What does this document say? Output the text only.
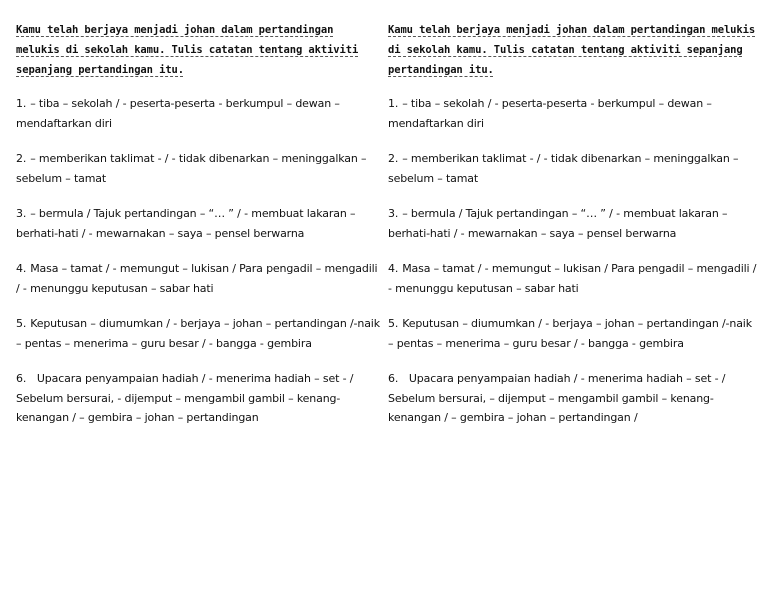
Kamu telah berjaya menjadi johan dalam pertandingan melukis di sekolah kamu. Tulis catatan tentang aktiviti sepanjang pertandingan itu.

1. – tiba – sekolah / - peserta-peserta - berkumpul – dewan – mendaftarkan diri
2. – memberikan taklimat - / - tidak dibenarkan – meninggalkan – sebelum – tamat
3. – bermula / Tajuk pertandingan – “… ” / - membuat lakaran – berhati-hati / - mewarnakan – saya – pensel berwarna
4. Masa – tamat / - memungut – lukisan / Para pengadil – mengadili / - menunggu keputusan – sabar hati
5. Keputusan – diumumkan / - berjaya – johan – pertandingan /-naik – pentas – menerima – guru besar / - bangga - gembira
6.  Upacara penyampaian hadiah / - menerima hadiah – set - / Sebelum bersurai, - dijemput – mengambil gambil – kenang-kenangan / – gembira – johan – pertandingan

Kamu telah berjaya menjadi johan dalam pertandingan melukis di sekolah kamu. Tulis catatan tentang aktiviti sepanjang pertandingan itu.

1. – tiba – sekolah / - peserta-peserta - berkumpul – dewan – mendaftarkan diri
2. – memberikan taklimat - / - tidak dibenarkan – meninggalkan – sebelum – tamat
3. – bermula / Tajuk pertandingan – “… ” / - membuat lakaran – berhati-hati / - mewarnakan – saya – pensel berwarna
4. Masa – tamat / - memungut – lukisan / Para pengadil – mengadili / - menunggu keputusan – sabar hati
5. Keputusan – diumumkan / - berjaya – johan – pertandingan /-naik – pentas – menerima – guru besar / - bangga - gembira
6.  Upacara penyampaian hadiah / - menerima hadiah – set - / Sebelum bersurai, – dijemput – mengambil gambil – kenang-kenangan / – gembira – johan – pertandingan /
